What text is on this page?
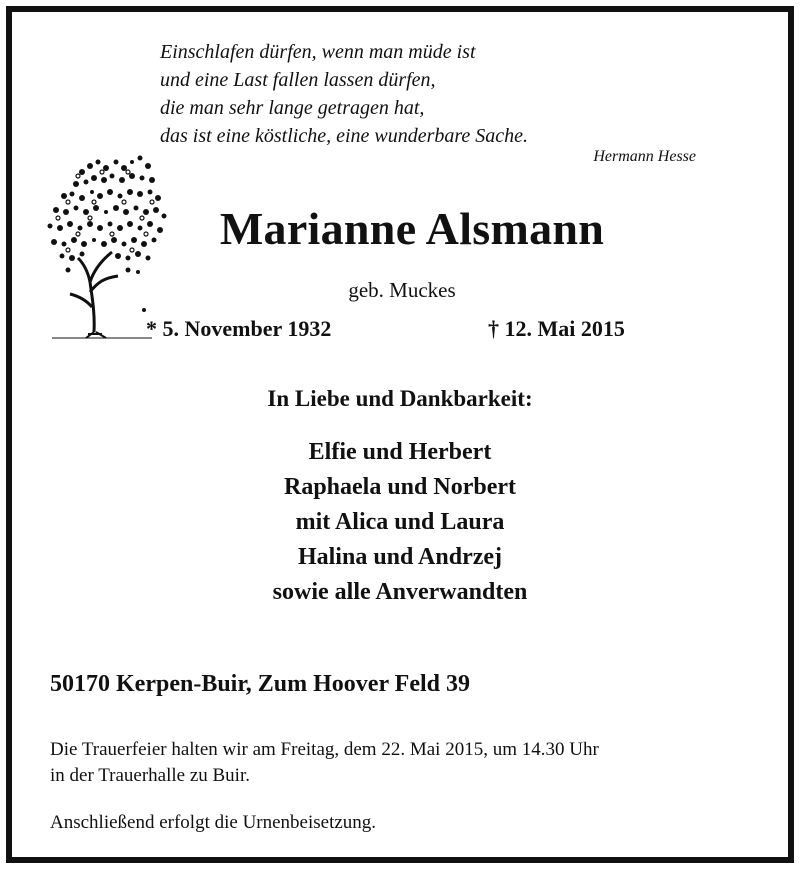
Einschlafen dürfen, wenn man müde ist
und eine Last fallen lassen dürfen,
die man sehr lange getragen hat,
das ist eine köstliche, eine wunderbare Sache.
Hermann Hesse
Marianne Alsmann
geb. Muckes
* 5. November 1932	† 12. Mai 2015
In Liebe und Dankbarkeit:
Elfie und Herbert
Raphaela und Norbert
mit Alica und Laura
Halina und Andrzej
sowie alle Anverwandten
50170 Kerpen-Buir, Zum Hoover Feld 39
Die Trauerfeier halten wir am Freitag, dem 22. Mai 2015, um 14.30 Uhr
in der Trauerhalle zu Buir.
Anschließend erfolgt die Urnenbeisetzung.
